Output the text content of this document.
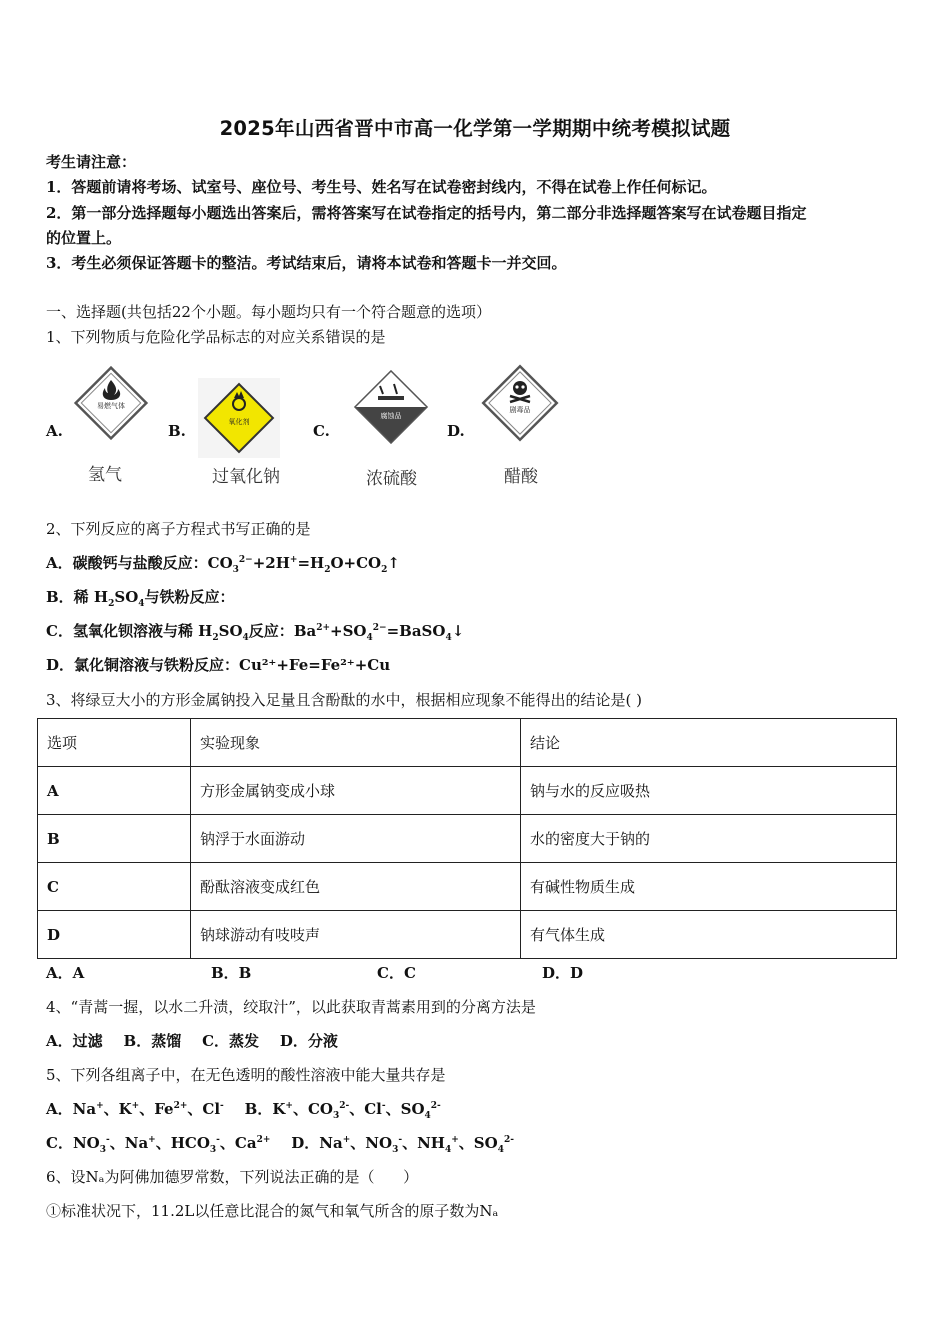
2025年山西省晋中市高一化学第一学期期中统考模拟试题
考生请注意：
1．答题前请将考场、试室号、座位号、考生号、姓名写在试卷密封线内，不得在试卷上作任何标记。
2．第一部分选择题每小题选出答案后，需将答案写在试卷指定的括号内，第二部分非选择题答案写在试卷题目指定
的位置上。
3．考生必须保证答题卡的整洁。考试结束后，请将本试卷和答题卡一并交回。
一、选择题(共包括22个小题。每小题均只有一个符合题意的选项）
1、下列物质与危险化学品标志的对应关系错误的是
A.
易燃气体
氢气
B.	氧化剂
过氧化钠
C.
腐蚀品
浓硫酸
D.
剧毒品
醋酸
2、下列反应的离子方程式书写正确的是
A．碳酸钙与盐酸反应：$CO_3^{2-}+2H^+=H_2O+CO_2↑$
B．稀 $H_2SO_4$与铁粉反应：
C．氢氧化钡溶液与稀 $H_2SO_4$反应：$Ba^{2+}+SO_4^{2-}=BaSO_4↓$
D．氯化铜溶液与铁粉反应：Cu²⁺+Fe=Fe²⁺+Cu
3、将绿豆大小的方形金属钠投入足量且含酚酞的水中，根据相应现象不能得出的结论是( )
选项	实验现象	结论
A	方形金属钠变成小球	钠与水的反应吸热
B	钠浮于水面游动	水的密度大于钠的
C	酚酞溶液变成红色	有碱性物质生成
D	钠球游动有吱吱声	有气体生成
A．A	B．B	C．C	D．D
4、“青蒿一握，以水二升渍，绞取汁”，以此获取青蒿素用到的分离方法是
A．过滤    B．蒸馏    C．蒸发    D．分液
5、下列各组离子中，在无色透明的酸性溶液中能大量共存是
A．Na+、K+、$Fe^{2+}$、Cl-    B．K+、$CO_3^{2-}$、Cl-、$SO_4^{2-}$
C．$NO_3^-$、Na+、$HCO_3^-$、$Ca^{2+}$    D．Na+、$NO_3^-$、$NH_4^+$、$SO_4^{2-}$
6、设Nₐ为阿佛加德罗常数，下列说法正确的是（      ）
①标准状况下，11.2L以任意比混合的氮气和氧气所含的原子数为Nₐ
